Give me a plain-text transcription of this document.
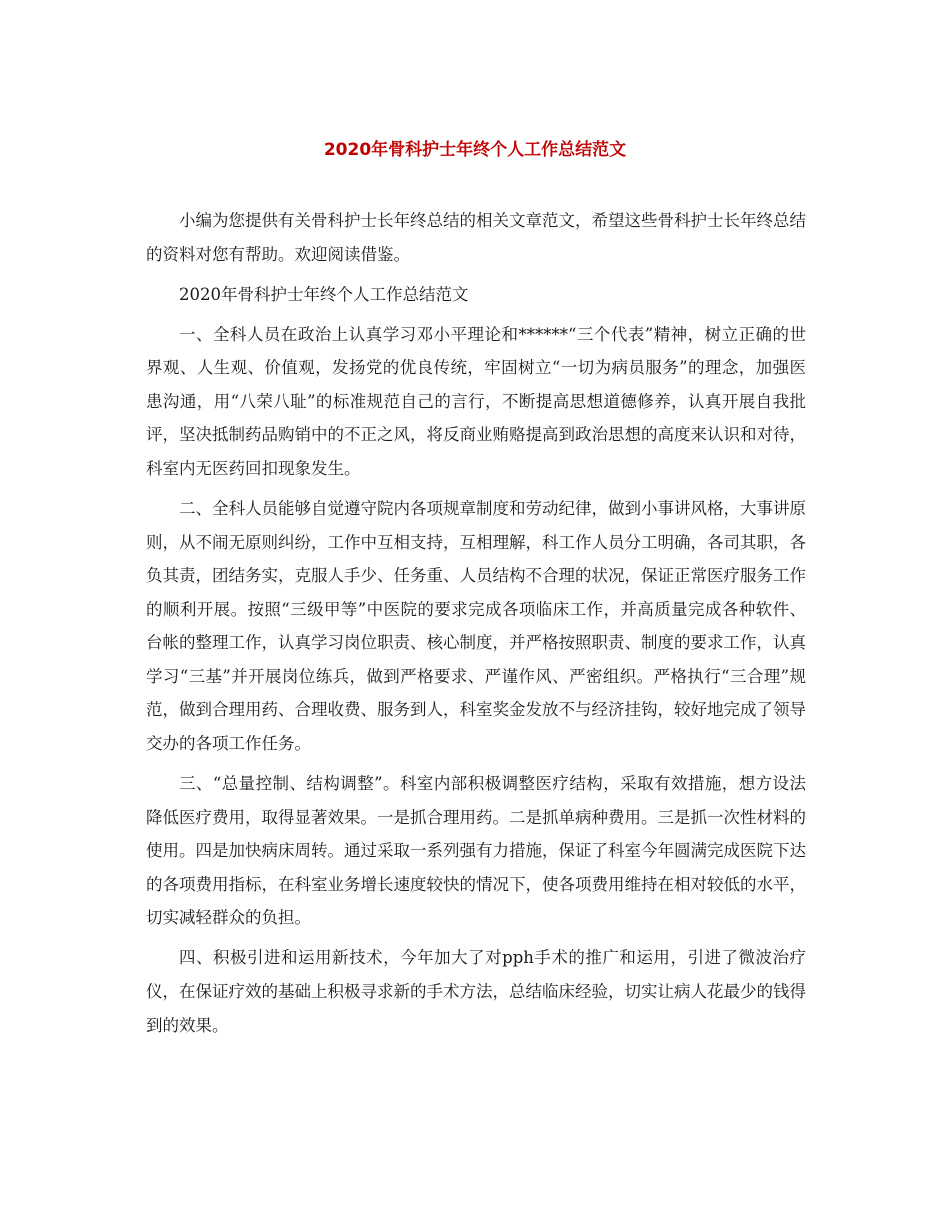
2020年骨科护士年终个人工作总结范文

小编为您提供有关骨科护士长年终总结的相关文章范文，希望这些骨科护士长年终总结的资料对您有帮助。欢迎阅读借鉴。

2020年骨科护士年终个人工作总结范文

一、全科人员在政治上认真学习邓小平理论和******“三个代表”精神，树立正确的世界观、人生观、价值观，发扬党的优良传统，牢固树立“一切为病员服务”的理念，加强医患沟通，用“八荣八耻”的标准规范自己的言行，不断提高思想道德修养，认真开展自我批评，坚决抵制药品购销中的不正之风，将反商业贿赂提高到政治思想的高度来认识和对待，科室内无医药回扣现象发生。

二、全科人员能够自觉遵守院内各项规章制度和劳动纪律，做到小事讲风格，大事讲原则，从不闹无原则纠纷，工作中互相支持，互相理解，科工作人员分工明确，各司其职，各负其责，团结务实，克服人手少、任务重、人员结构不合理的状况，保证正常医疗服务工作的顺利开展。按照“三级甲等”中医院的要求完成各项临床工作，并高质量完成各种软件、台帐的整理工作，认真学习岗位职责、核心制度，并严格按照职责、制度的要求工作，认真学习“三基”并开展岗位练兵，做到严格要求、严谨作风、严密组织。严格执行“三合理”规范，做到合理用药、合理收费、服务到人，科室奖金发放不与经济挂钩，较好地完成了领导交办的各项工作任务。

三、“总量控制、结构调整”。科室内部积极调整医疗结构，采取有效措施，想方设法降低医疗费用，取得显著效果。一是抓合理用药。二是抓单病种费用。三是抓一次性材料的使用。四是加快病床周转。通过采取一系列强有力措施，保证了科室今年圆满完成医院下达的各项费用指标，在科室业务增长速度较快的情况下，使各项费用维持在相对较低的水平，切实减轻群众的负担。

四、积极引进和运用新技术，今年加大了对pph手术的推广和运用，引进了微波治疗仪，在保证疗效的基础上积极寻求新的手术方法，总结临床经验，切实让病人花最少的钱得到的效果。
